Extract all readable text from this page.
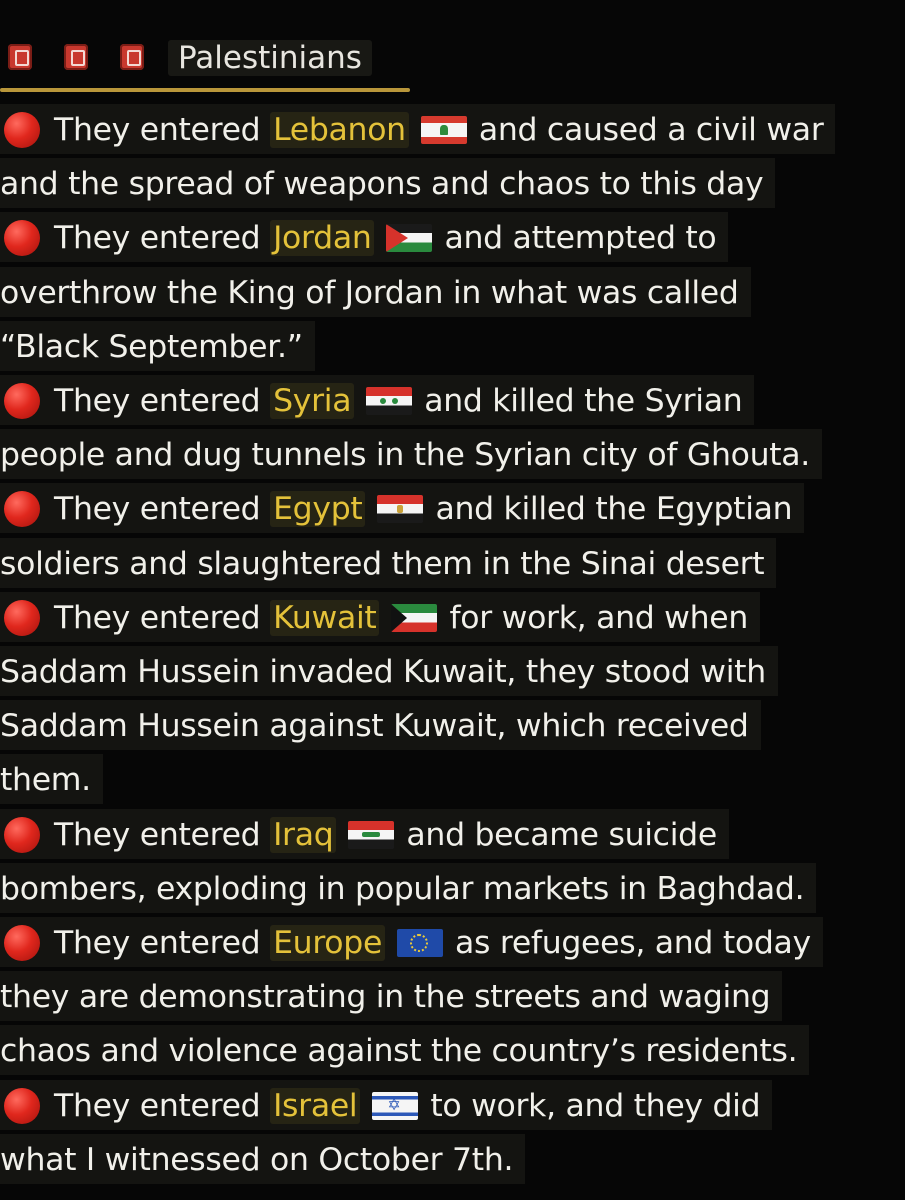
Palestinians
They entered Lebanon and caused a civil war
and the spread of weapons and chaos to this day
They entered Jordan and attempted to
overthrow the King of Jordan in what was called
“Black September.”
They entered Syria and killed the Syrian
people and dug tunnels in the Syrian city of Ghouta.
They entered Egypt and killed the Egyptian
soldiers and slaughtered them in the Sinai desert
They entered Kuwait for work, and when
Saddam Hussein invaded Kuwait, they stood with
Saddam Hussein against Kuwait, which received
them.
They entered Iraq and became suicide
bombers, exploding in popular markets in Baghdad.
They entered Europe as refugees, and today
they are demonstrating in the streets and waging
chaos and violence against the country’s residents.
They entered Israel✡ to work, and they did
what I witnessed on October 7th.
